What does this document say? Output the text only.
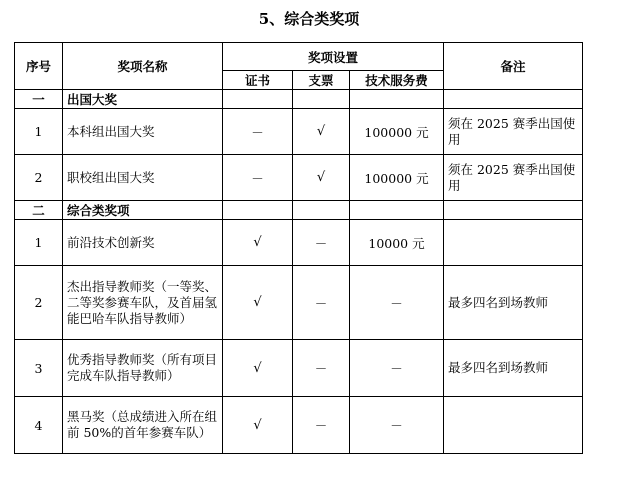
5、综合类奖项
序号	奖项名称	奖项设置			备注
		证书	支票	技术服务费	
一	出国大奖				
1	本科组出国大奖	－	√	100000 元	须在 2025 赛季出国使用
2	职校组出国大奖	－	√	100000 元	须在 2025 赛季出国使用
二	综合类奖项				
1	前沿技术创新奖	√	－	10000 元	
2	杰出指导教师奖（一等奖、二等奖参赛车队，及首届氢能巴哈车队指导教师）	√	－	－	最多四名到场教师
3	优秀指导教师奖（所有项目完成车队指导教师）	√	－	－	最多四名到场教师
4	黑马奖（总成绩进入所在组前 50%的首年参赛车队）	√	－	－	
